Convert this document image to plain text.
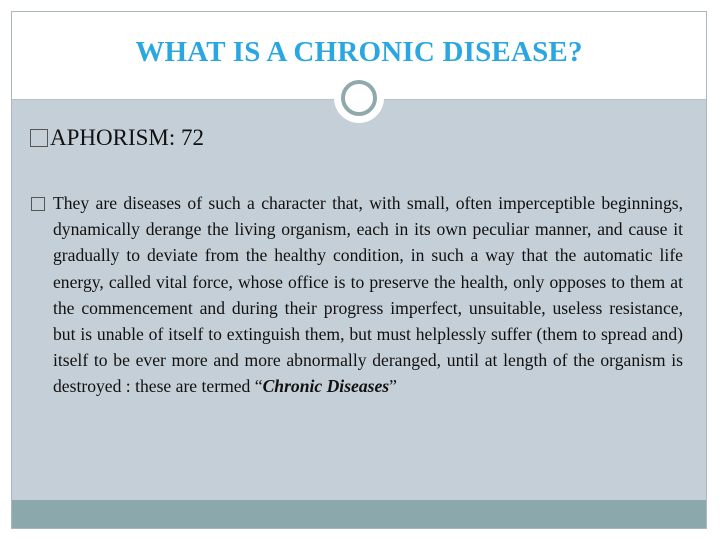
WHAT IS A CHRONIC DISEASE?
APHORISM: 72
They are diseases of such a character that, with small, often imperceptible beginnings, dynamically derange the living organism, each in its own peculiar manner, and cause it gradually to deviate from the healthy condition, in such a way that the automatic life energy, called vital force, whose office is to preserve the health, only opposes to them at the commencement and during their progress imperfect, unsuitable, useless resistance, but is unable of itself to extinguish them, but must helplessly suffer (them to spread and) itself to be ever more and more abnormally deranged, until at length of the organism is destroyed : these are termed “Chronic Diseases”
